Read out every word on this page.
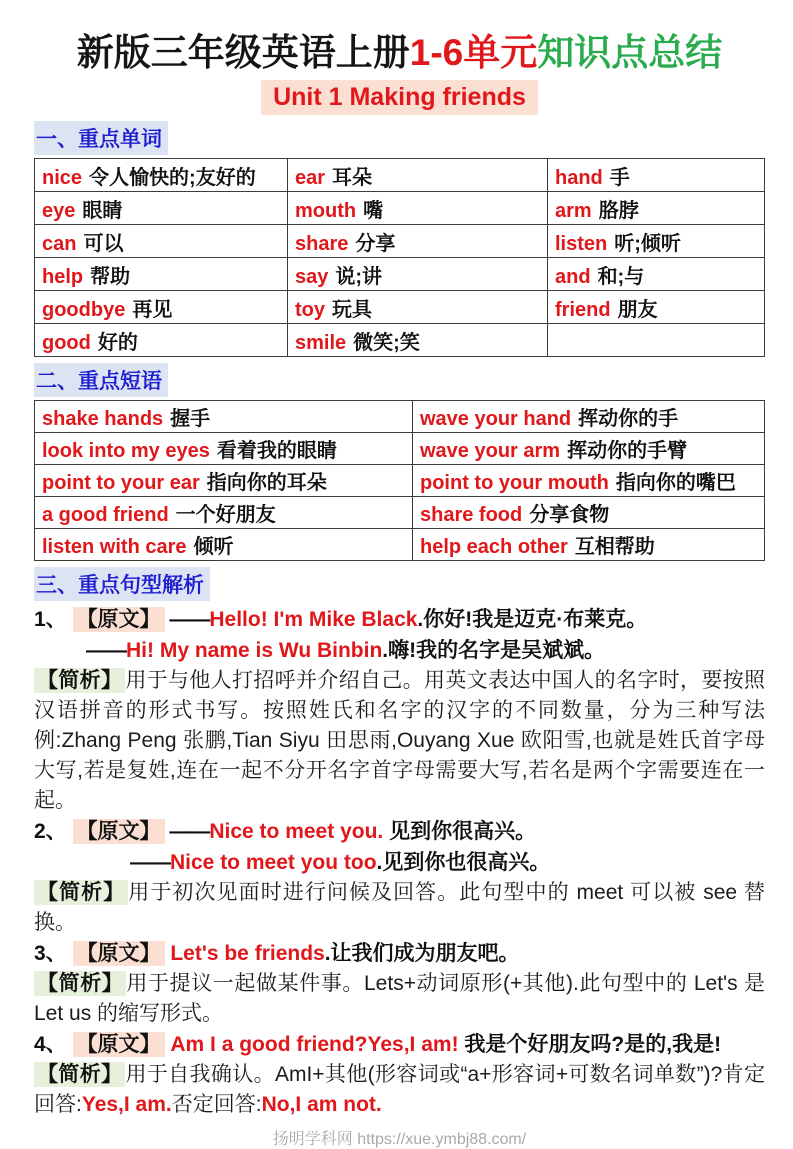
新版三年级英语上册1-6单元知识点总结
Unit 1 Making friends
一、重点单词
nice 令人愉快的;友好的	ear 耳朵	hand 手
eye 眼睛	mouth 嘴	arm 胳脖
can 可以	share 分享	listen 听;倾听
help 帮助	say 说;讲	and 和;与
goodbye 再见	toy 玩具	friend 朋友
good 好的	smile 微笑;笑	
二、重点短语
shake hands 握手	wave your hand 挥动你的手
look into my eyes 看着我的眼睛	wave your arm 挥动你的手臂
point to your ear 指向你的耳朵	point to your mouth 指向你的嘴巴
a good friend 一个好朋友	share food 分享食物
listen with care 倾听	help each other 互相帮助
三、重点句型解析
1、 【原文】 ——Hello! I'm Mike Black.你好!我是迈克·布莱克。
——Hi! My name is Wu Binbin.嗨!我的名字是吴斌斌。
【简析】 用于与他人打招呼并介绍自己。用英文表达中国人的名字时，要按照汉语拼音的形式书写。按照姓氏和名字的汉字的不同数量，分为三种写法例:Zhang Peng 张鹏,Tian Siyu 田思雨,Ouyang Xue 欧阳雪,也就是姓氏首字母大写,若是复姓,连在一起不分开名字首字母需要大写,若名是两个字需要连在一起。
2、 【原文】 ——Nice to meet you. 见到你很高兴。
——Nice to meet you too.见到你也很高兴。
【简析】 用于初次见面时进行问候及回答。此句型中的 meet 可以被 see 替换。
3、 【原文】 Let's be friends.让我们成为朋友吧。
【简析】 用于提议一起做某件事。Lets+动词原形(+其他).此句型中的 Let's 是 Let us 的缩写形式。
4、 【原文】 Am I a good friend?Yes,I am! 我是个好朋友吗?是的,我是!
【简析】 用于自我确认。AmI+其他(形容词或“a+形容词+可数名词单数”)?肯定回答:Yes,I am.否定回答:No,I am not.
扬明学科网 https://xue.ymbj88.com/
